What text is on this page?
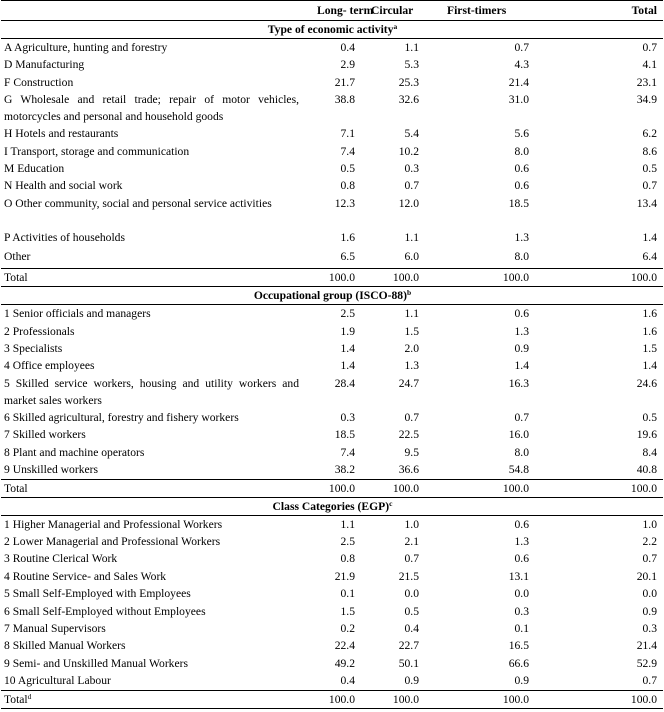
	Long- term	Circular	First-timers	Total
Type of economic activity$^a$
A Agriculture, hunting and forestry	0.4	1.1	0.7	0.7
D Manufacturing	2.9	5.3	4.3	4.1
F Construction	21.7	25.3	21.4	23.1
G Wholesale and retail trade; repair of motor vehicles, motorcycles and personal and household goods	38.8	32.6	31.0	34.9
H Hotels and restaurants	7.1	5.4	5.6	6.2
I Transport, storage and communication	7.4	10.2	8.0	8.6
M Education	0.5	0.3	0.6	0.5
N Health and social work	0.8	0.7	0.6	0.7
O Other community, social and personal service activities	12.3	12.0	18.5	13.4
P Activities of households	1.6	1.1	1.3	1.4
Other	6.5	6.0	8.0	6.4
Total	100.0	100.0	100.0	100.0
Occupational group (ISCO-88)$^b$
1 Senior officials and managers	2.5	1.1	0.6	1.6
2 Professionals	1.9	1.5	1.3	1.6
3 Specialists	1.4	2.0	0.9	1.5
4 Office employees	1.4	1.3	1.4	1.4
5 Skilled service workers, housing and utility workers and market sales workers	28.4	24.7	16.3	24.6
6 Skilled agricultural, forestry and fishery workers	0.3	0.7	0.7	0.5
7 Skilled workers	18.5	22.5	16.0	19.6
8 Plant and machine operators	7.4	9.5	8.0	8.4
9 Unskilled workers	38.2	36.6	54.8	40.8
Total	100.0	100.0	100.0	100.0
Class Categories (EGP)$^c$
1 Higher Managerial and Professional Workers	1.1	1.0	0.6	1.0
2 Lower Managerial and Professional Workers	2.5	2.1	1.3	2.2
3 Routine Clerical Work	0.8	0.7	0.6	0.7
4 Routine Service- and Sales Work	21.9	21.5	13.1	20.1
5 Small Self-Employed with Employees	0.1	0.0	0.0	0.0
6 Small Self-Employed without Employees	1.5	0.5	0.3	0.9
7 Manual Supervisors	0.2	0.4	0.1	0.3
8 Skilled Manual Workers	22.4	22.7	16.5	21.4
9 Semi- and Unskilled Manual Workers	49.2	50.1	66.6	52.9
10 Agricultural Labour	0.4	0.9	0.9	0.7
Total$^d$	100.0	100.0	100.0	100.0
